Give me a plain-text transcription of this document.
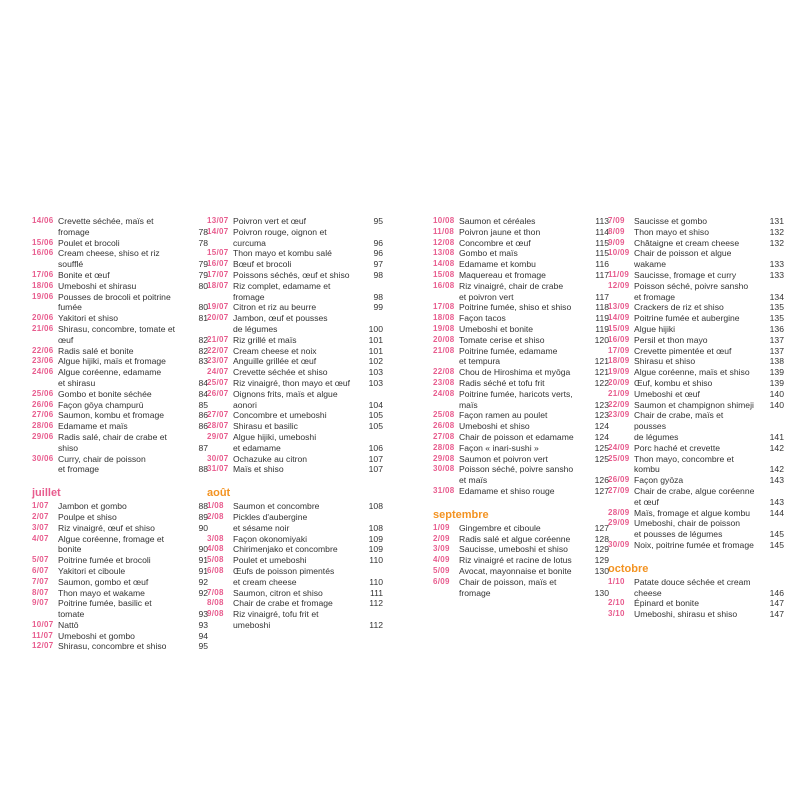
14/06 Crevette séchée, maïs et fromage	78
15/06 Poulet et brocoli	78
16/06 Cream cheese, shiso et riz soufflé	79
17/06 Bonite et œuf	79
18/06 Umeboshi et shirasu	80
19/06 Pousses de brocoli et poitrine
fumée	80
20/06 Yakitori et shiso	81
21/06 Shirasu, concombre, tomate et œuf	82
22/06 Radis salé et bonite	82
23/06 Algue hijiki, maïs et fromage	83
24/06 Algue coréenne, edamame
et shirasu	84
25/06 Gombo et bonite séchée	84
26/06 Façon gōya champurū	85
27/06 Saumon, kombu et fromage	86
28/06 Edamame et maïs	86
29/06 Radis salé, chair de crabe et shiso	87
30/06 Curry, chair de poisson
et fromage	88
juillet
1/07	Jambon et gombo	88
2/07	Poulpe et shiso	89
3/07	Riz vinaigré, œuf et shiso	90
4/07	Algue coréenne, fromage et bonite	90
5/07	Poitrine fumée et brocoli	91
6/07	Yakitori et ciboule	91
7/07	Saumon, gombo et œuf	92
8/07	Thon mayo et wakame	92
9/07	Poitrine fumée, basilic et tomate	93
10/07 Nattō	93
11/07 Umeboshi et gombo	94
12/07 Shirasu, concombre et shiso	95
13/07 Poivron vert et œuf	95
14/07 Poivron rouge, oignon et curcuma	96
15/07 Thon mayo et kombu salé	96
16/07 Bœuf et brocoli	97
17/07 Poissons séchés, œuf et shiso	98
18/07 Riz complet, edamame et fromage	98
19/07 Citron et riz au beurre	99
20/07 Jambon, œuf et pousses
de légumes	100
21/07 Riz grillé et maïs	101
22/07 Cream cheese et noix	101
23/07 Anguille grillée et œuf	102
24/07 Crevette séchée et shiso	103
25/07 Riz vinaigré, thon mayo et œuf	103
26/07 Oignons frits, maïs et algue aonori	104
27/07 Concombre et umeboshi	105
28/07 Shirasu et basilic	105
29/07 Algue hijiki, umeboshi
et edamame	106
30/07 Ochazuke au citron	107
31/07 Maïs et shiso	107
août
1/08	Saumon et concombre	108
2/08	Pickles d'aubergine
et sésame noir	108
3/08	Façon okonomiyaki	109
4/08	Chirimenjako et concombre	109
5/08	Poulet et umeboshi	110
6/08	Œufs de poisson pimentés
et cream cheese	110
7/08	Saumon, citron et shiso	111
8/08	Chair de crabe et fromage	112
9/08	Riz vinaigré, tofu frit et umeboshi	112
10/08 Saumon et céréales	113
11/08 Poivron jaune et thon	114
12/08 Concombre et œuf	115
13/08 Gombo et maïs	115
14/08 Edamame et kombu	116
15/08 Maquereau et fromage	117
16/08 Riz vinaigré, chair de crabe
et poivron vert	117
17/08 Poitrine fumée, shiso et shiso	118
18/08 Façon tacos	119
19/08 Umeboshi et bonite	119
20/08 Tomate cerise et shiso	120
21/08 Poitrine fumée, edamame
et tempura	121
22/08 Chou de Hiroshima et myōga	121
23/08 Radis séché et tofu frit	122
24/08 Poitrine fumée, haricots verts,
maïs	123
25/08 Façon ramen au poulet	123
26/08 Umeboshi et shiso	124
27/08 Chair de poisson et edamame	124
28/08 Façon « inari-sushi »	125
29/08 Saumon et poivron vert	125
30/08 Poisson séché, poivre sansho
et maïs	126
31/08 Edamame et shiso rouge	127
septembre
1/09	Gingembre et ciboule	127
2/09	Radis salé et algue coréenne	128
3/09	Saucisse, umeboshi et shiso	129
4/09	Riz vinaigré et racine de lotus	129
5/09	Avocat, mayonnaise et bonite	130
6/09	Chair de poisson, maïs et fromage	130
7/09	Saucisse et gombo	131
8/09	Thon mayo et shiso	132
9/09	Châtaigne et cream cheese	132
10/09 Chair de poisson et algue wakame	133
11/09 Saucisse, fromage et curry	133
12/09 Poisson séché, poivre sansho
et fromage	134
13/09 Crackers de riz et shiso	135
14/09 Poitrine fumée et aubergine	135
15/09 Algue hijiki	136
16/09 Persil et thon mayo	137
17/09 Crevette pimentée et œuf	137
18/09 Shirasu et shiso	138
19/09 Algue coréenne, maïs et shiso	139
20/09 Œuf, kombu et shiso	139
21/09 Umeboshi et œuf	140
22/09 Saumon et champignon shimeji	140
23/09 Chair de crabe, maïs et pousses
de légumes	141
24/09 Porc haché et crevette	142
25/09 Thon mayo, concombre et kombu	142
26/09 Façon gyōza	143
27/09 Chair de crabe, algue coréenne
et œuf	143
28/09 Maïs, fromage et algue kombu	144
29/09 Umeboshi, chair de poisson
et pousses de légumes	145
30/09 Noix, poitrine fumée et fromage	145
octobre
1/10	Patate douce séchée et cream
cheese	146
2/10	Épinard et bonite	147
3/10	Umeboshi, shirasu et shiso	147
